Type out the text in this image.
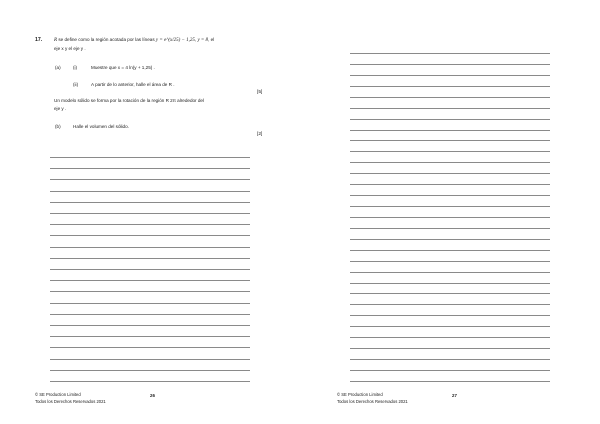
17. R se define como la región acotada por las líneas y = e^(x/25) − 1,25, y = 8, el
eje x y el eje y .
(a)	(i)	Muestre que x = 4 ln(y + 1,25) .
(ii)	A partir de lo anterior, halle el área de R .
[5]
Un modelo sólido se forma por la rotación de la región R 2π alrededor del
eje y .
(b)	Halle el volumen del sólido.
[2]
© SE Production Limited
Todos los Derechos Reservados 2021
26	© SE Production Limited
Todos los Derechos Reservados 2021
27
